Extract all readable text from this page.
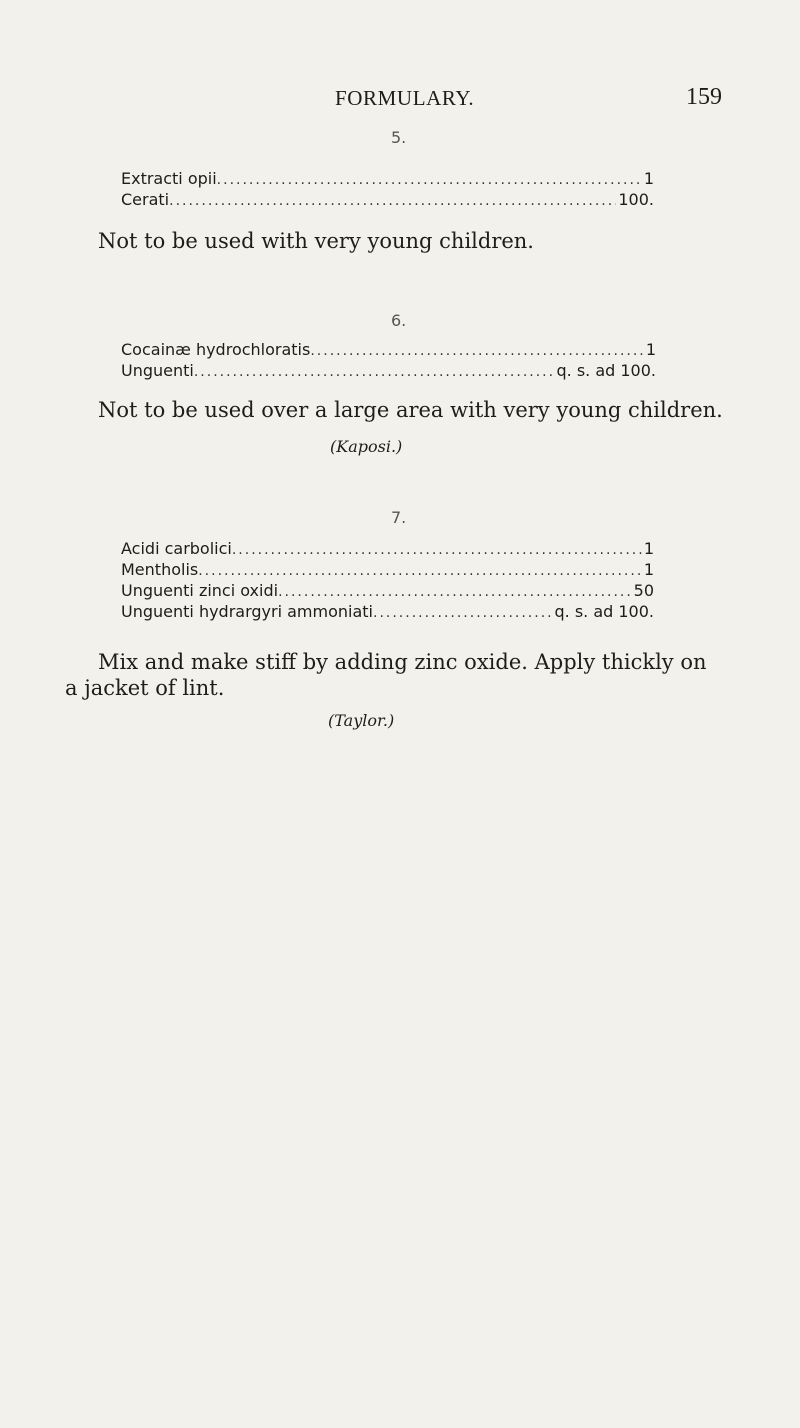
FORMULARY.	159
5.
Extracti opii .....	1
Cerati .....	100.
Not to be used with very young children.
6.
Cocainæ hydrochloratis .....	1
Unguenti .....	q. s. ad 100.
Not to be used over a large area with very young children.
(Kaposi.)
7.
Acidi carbolici .....	1
Mentholis .....	1
Unguenti zinci oxidi .....	50
Unguenti hydrargyri ammoniati .....	q. s. ad 100.
Mix and make stiff by adding zinc oxide. Apply thickly on
a jacket of lint.
(Taylor.)
